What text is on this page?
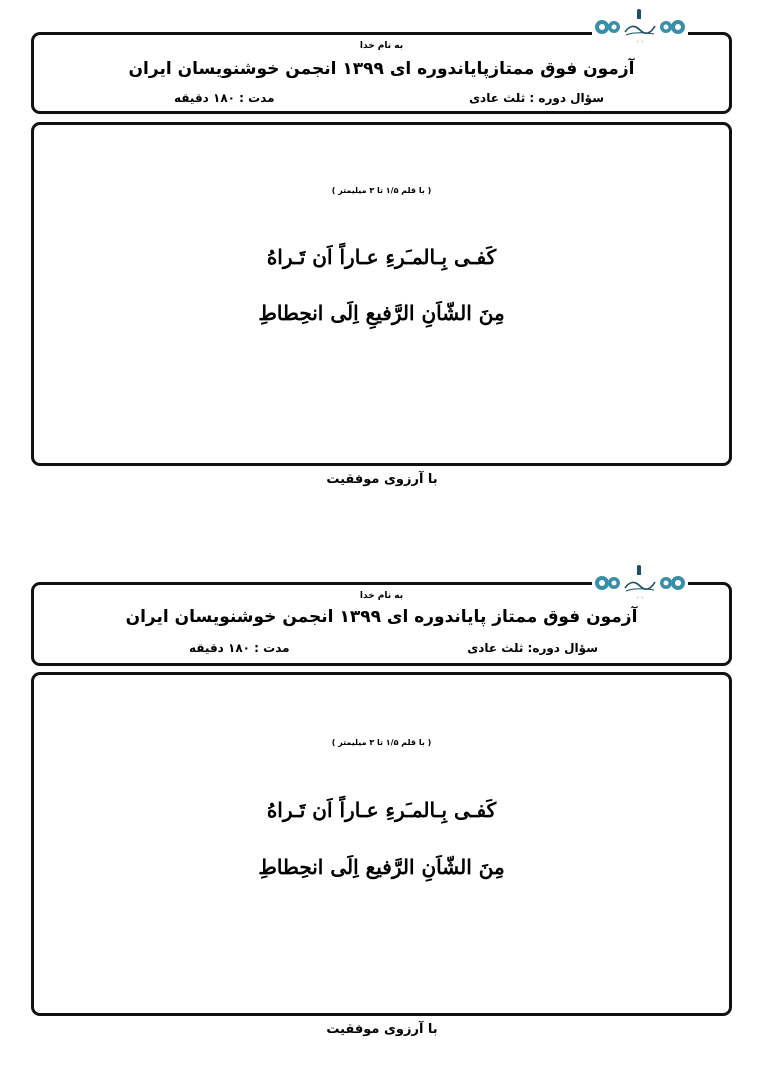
به نام خدا
آزمون فوق ممتازپایاندوره ای ۱۳۹۹ انجمن خوشنویسان ایران
سؤال دوره : ثلث عادی
مدت : ۱۸۰ دقیقه
⁘ ⁘
( با قلم ۱/۵ تا ۳ میلیمتر )
کَفـی بِـالمـَرءِ عـاراً اَن تَـراهُ
مِنَ الشّاَنِ الرَّفیعِ اِلَی انحِطاطِ
با آرزوی موفقیت
به نام خدا
آزمون فوق ممتاز پایاندوره ای ۱۳۹۹ انجمن خوشنویسان ایران
سؤال دوره: ثلث عادی
مدت : ۱۸۰ دقیقه
⁘ ⁘
( با قلم ۱/۵ تا ۳ میلیمتر )
کَفـی بِـالمـَرءِ عـاراً اَن تَـراهُ
مِنَ الشّاَنِ الرَّفیع اِلَی انحِطاطِ
با آرزوی موفقیت
